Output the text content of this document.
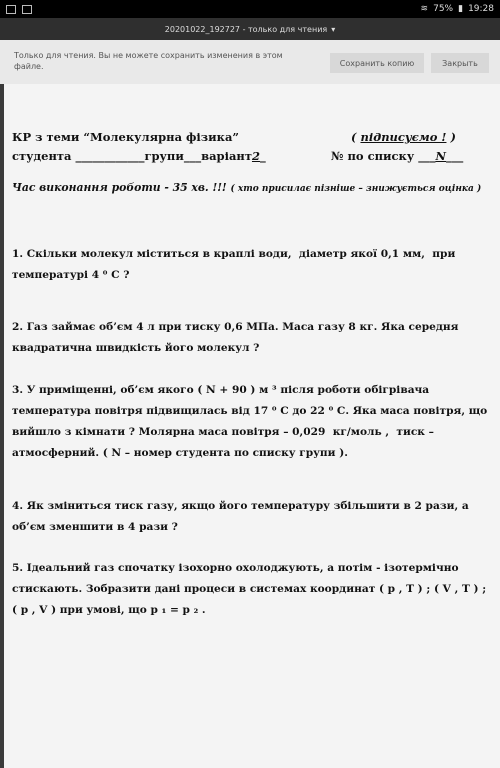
≋ 75% ▮ 19:28
20201022_192727 - только для чтения ▾
Только для чтения. Вы не можете сохранить изменения в этом файле.	Сохранить копию	Закрыть
КР з теми “Молекулярна фізика”	( підписуємо ! )
студента ____________групи___варіант2_	№ по списку ___N___
Час виконання роботи - 35 хв. !!! ( хто присилає пізніше – знижується оцінка )
1. Скільки молекул міститься в краплі води,  діаметр якої 0,1 мм,  при температурі 4 ⁰ С ?
2. Газ займає об’єм 4 л при тиску 0,6 МПа. Маса газу 8 кг. Яка середня квадратична швидкість його молекул ?
3. У приміщенні, об’єм якого ( N + 90 ) м ³ після роботи обігрівача температура повітря підвищилась від 17 ⁰ С до 22 ⁰ С. Яка маса повітря, що вийшло з кімнати ? Молярна маса повітря – 0,029  кг/моль ,  тиск – атмосферний. ( N – номер студента по списку групи ).
4. Як зміниться тиск газу, якщо його температуру збільшити в 2 рази, а об’єм зменшити в 4 рази ?
5. Ідеальний газ спочатку ізохорно охолоджують, а потім - ізотермічно стискають. Зобразити дані процеси в системах координат ( р , Т ) ; ( V , Т ) ;  ( р , V ) при умові, що р ₁ = р ₂ .
